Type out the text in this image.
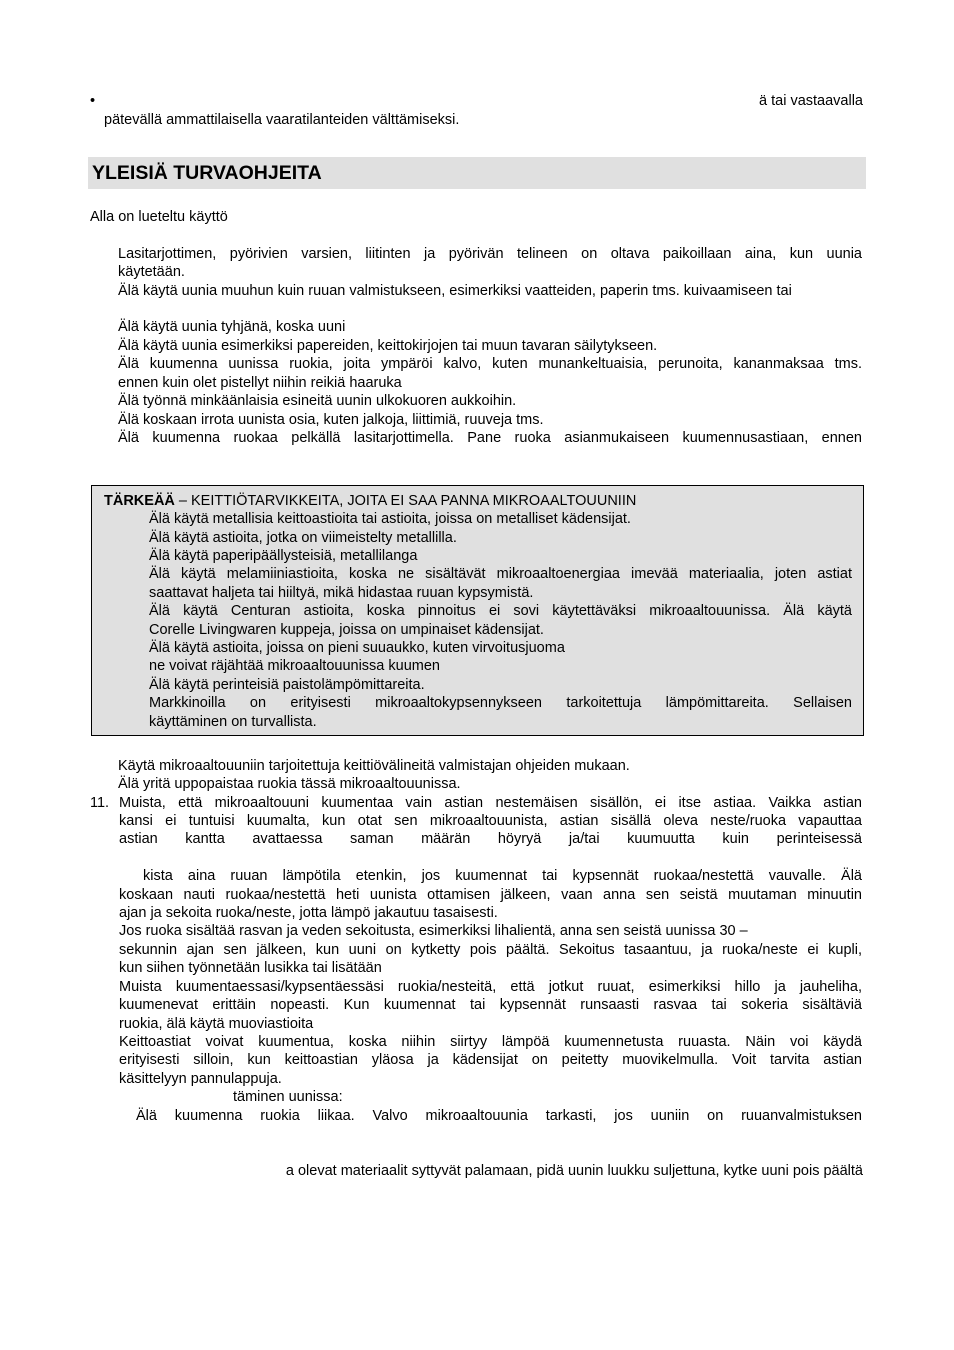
•	ä tai vastaavalla
pätevällä ammattilaisella vaaratilanteiden välttämiseksi.
YLEISIÄ TURVAOHJEITA
Alla on lueteltu käyttö
Lasitarjottimen, pyörivien varsien, liitinten ja pyörivän telineen on oltava paikoillaan aina, kun uunia
käytetään.
Älä käytä uunia muuhun kuin ruuan valmistukseen, esimerkiksi vaatteiden, paperin tms. kuivaamiseen tai
Älä käytä uunia tyhjänä, koska uuni
Älä käytä uunia esimerkiksi papereiden, keittokirjojen tai muun tavaran säilytykseen.
Älä kuumenna uunissa ruokia, joita ympäröi kalvo, kuten munankeltuaisia, perunoita, kananmaksaa tms.
ennen kuin olet pistellyt niihin reikiä haaruka
Älä työnnä minkäänlaisia esineitä uunin ulkokuoren aukkoihin.
Älä koskaan irrota uunista osia, kuten jalkoja, liittimiä, ruuveja tms.
Älä kuumenna ruokaa pelkällä lasitarjottimella. Pane ruoka asianmukaiseen kuumennusastiaan, ennen
TÄRKEÄÄ – KEITTIÖTARVIKKEITA, JOITA EI SAA PANNA MIKROAALTOUUNIIN
Älä käytä metallisia keittoastioita tai astioita, joissa on metalliset kädensijat.
Älä käytä astioita, jotka on viimeistelty metallilla.
Älä käytä paperipäällysteisiä, metallilanga
Älä käytä melamiiniastioita, koska ne sisältävät mikroaaltoenergiaa imevää materiaalia, joten astiat
saattavat haljeta tai hiiltyä, mikä hidastaa ruuan kypsymistä.
Älä käytä Centuran astioita, koska pinnoitus ei sovi käytettäväksi mikroaaltouunissa. Älä käytä
Corelle Livingwaren kuppeja, joissa on umpinaiset kädensijat.
Älä käytä astioita, joissa on pieni suuaukko, kuten virvoitusjuoma
ne voivat räjähtää mikroaaltouunissa kuumen
Älä käytä perinteisiä paistolämpömittareita.
Markkinoilla on erityisesti mikroaaltokypsennykseen tarkoitettuja lämpömittareita. Sellaisen
käyttäminen on turvallista.
Käytä mikroaaltouuniin tarjoitettuja keittiövälineitä valmistajan ohjeiden mukaan.
Älä yritä uppopaistaa ruokia tässä mikroaaltouunissa.
11. Muista, että mikroaaltouuni kuumentaa vain astian nestemäisen sisällön, ei itse astiaa. Vaikka astian
kansi ei tuntuisi kuumalta, kun otat sen mikroaaltouunista, astian sisällä oleva neste/ruoka vapauttaa
astian kantta avattaessa saman määrän höyryä ja/tai kuumuutta kuin perinteisessä
kista aina ruuan lämpötila etenkin, jos kuumennat tai kypsennät ruokaa/nestettä vauvalle. Älä
koskaan nauti ruokaa/nestettä heti uunista ottamisen jälkeen, vaan anna sen seistä muutaman minuutin
ajan ja sekoita ruoka/neste, jotta lämpö jakautuu tasaisesti.
Jos ruoka sisältää rasvan ja veden sekoitusta, esimerkiksi lihalientä, anna sen seistä uunissa 30 –
sekunnin ajan sen jälkeen, kun uuni on kytketty pois päältä. Sekoitus tasaantuu, ja ruoka/neste ei kupli,
kun siihen työnnetään lusikka tai lisätään
Muista kuumentaessasi/kypsentäessäsi ruokia/nesteitä, että jotkut ruuat, esimerkiksi hillo ja jauheliha,
kuumenevat erittäin nopeasti. Kun kuumennat tai kypsennät runsaasti rasvaa tai sokeria sisältäviä
ruokia, älä käytä muoviastioita
Keittoastiat voivat kuumentua, koska niihin siirtyy lämpöä kuumennetusta ruuasta. Näin voi käydä
erityisesti silloin, kun keittoastian yläosa ja kädensijat on peitetty muovikelmulla. Voit tarvita astian
käsittelyyn pannulappuja.
täminen uunissa:
Älä kuumenna ruokia liikaa. Valvo mikroaaltouunia tarkasti, jos uuniin on ruuanvalmistuksen
a olevat materiaalit syttyvät palamaan, pidä uunin luukku suljettuna, kytke uuni pois päältä
